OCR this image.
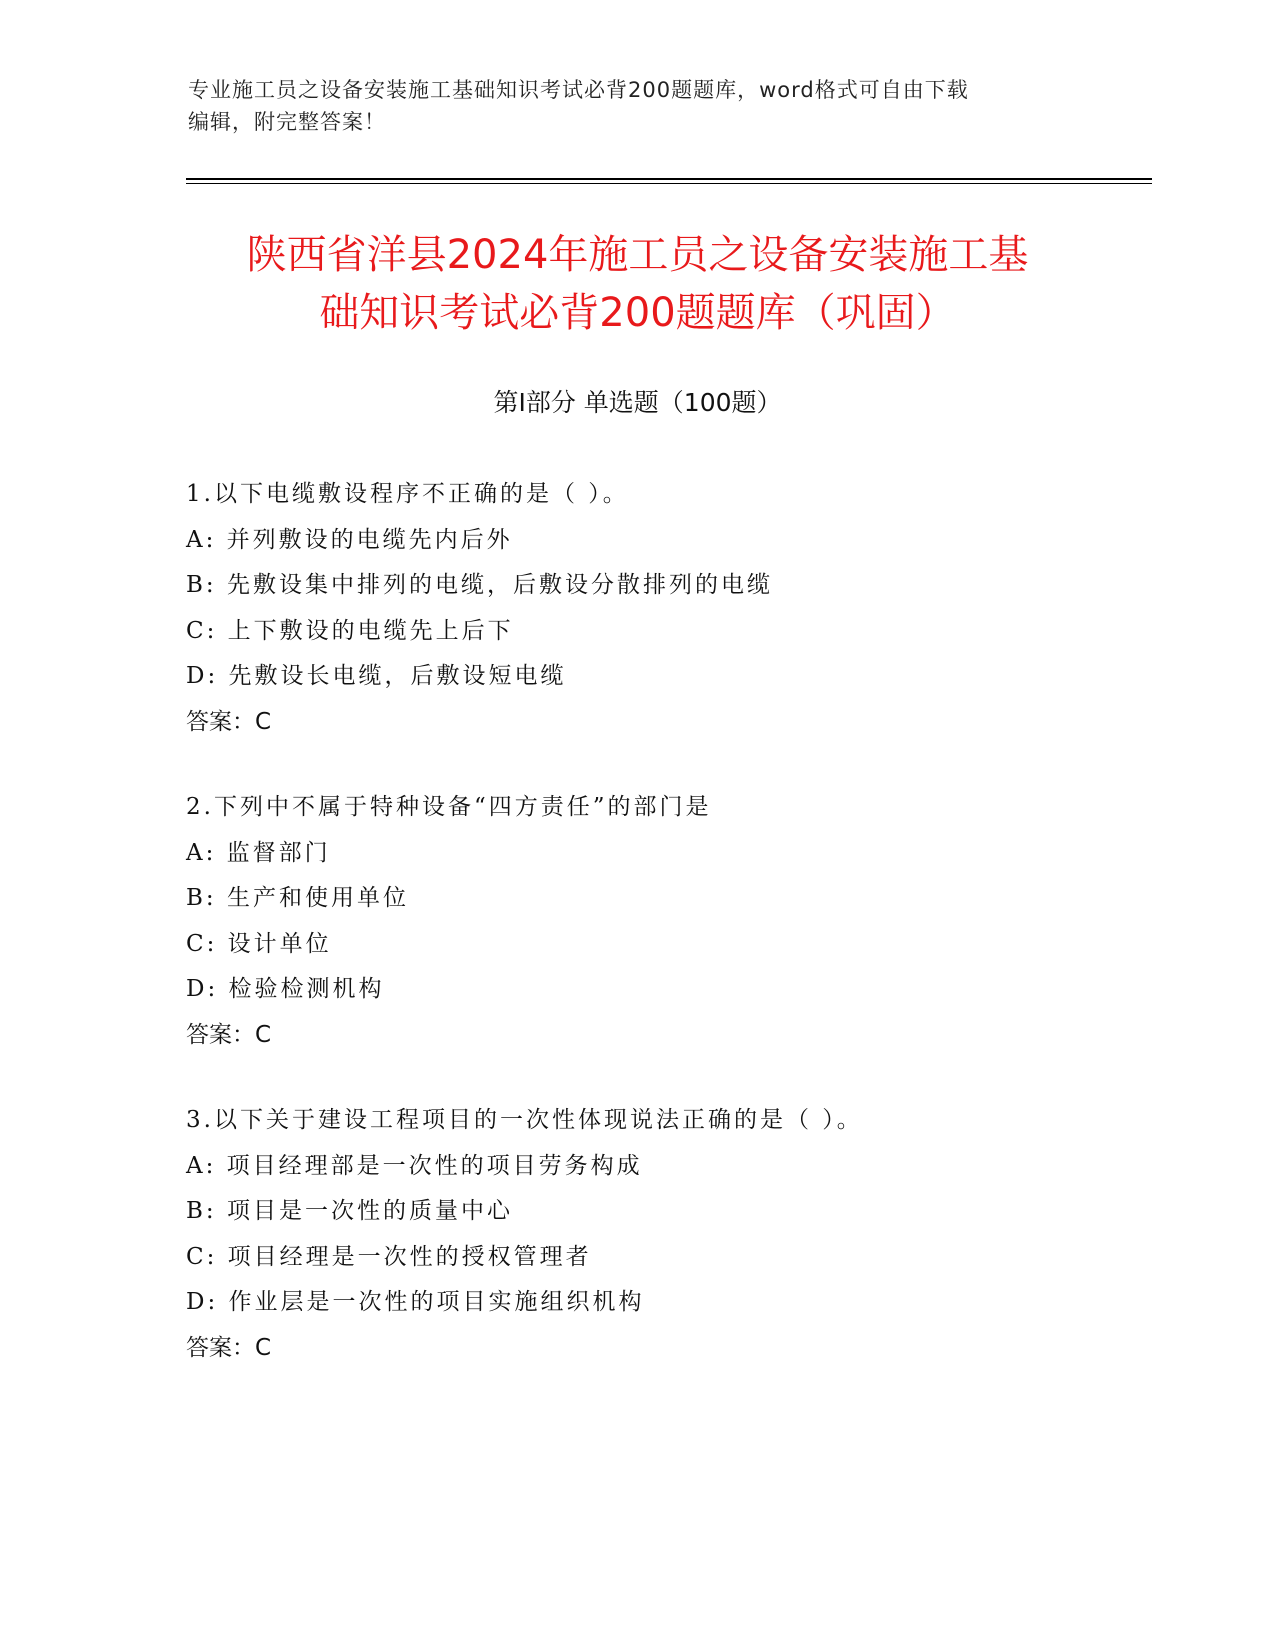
专业施工员之设备安装施工基础知识考试必背200题题库，word格式可自由下载
编辑，附完整答案！
陕西省洋县2024年施工员之设备安装施工基
础知识考试必背200题题库（巩固）
第I部分 单选题（100题）
1.以下电缆敷设程序不正确的是（ ）。
A: 并列敷设的电缆先内后外
B: 先敷设集中排列的电缆，后敷设分散排列的电缆
C: 上下敷设的电缆先上后下
D: 先敷设长电缆，后敷设短电缆
答案：C
2.下列中不属于特种设备“四方责任”的部门是
A: 监督部门
B: 生产和使用单位
C: 设计单位
D: 检验检测机构
答案：C
3.以下关于建设工程项目的一次性体现说法正确的是（ ）。
A: 项目经理部是一次性的项目劳务构成
B: 项目是一次性的质量中心
C: 项目经理是一次性的授权管理者
D: 作业层是一次性的项目实施组织机构
答案：C
